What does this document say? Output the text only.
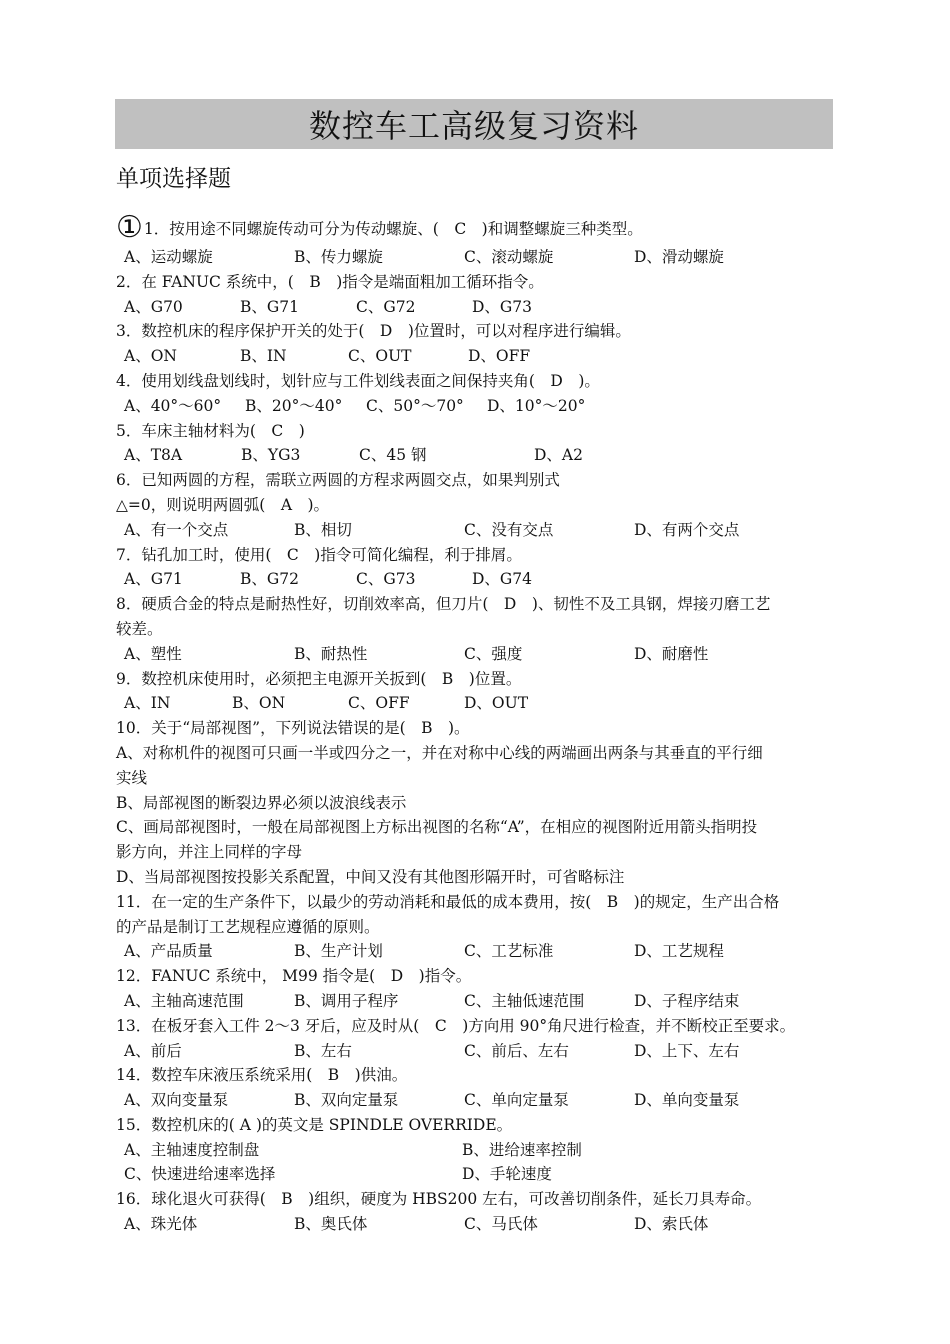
数控车工高级复习资料
单项选择题
①1．按用途不同螺旋传动可分为传动螺旋、(　C　)和调整螺旋三种类型。
A、运动螺旋	B、传力螺旋	C、滚动螺旋	D、滑动螺旋
2．在 FANUC 系统中，(　B　)指令是端面粗加工循环指令。
A、G70	B、G71	C、G72	D、G73
3．数控机床的程序保护开关的处于(　D　)位置时，可以对程序进行编辑。
A、ON	B、IN	C、OUT	D、OFF
4．使用划线盘划线时，划针应与工件划线表面之间保持夹角(　D　)。
A、40°～60° B、20°～40° C、50°～70° D、10°～20°
5．车床主轴材料为(　C　)
A、T8A	B、YG3	C、45 钢	D、A2
6．已知两圆的方程，需联立两圆的方程求两圆交点，如果判别式
△=0，则说明两圆弧(　A　)。
A、有一个交点	B、相切	C、没有交点	D、有两个交点
7．钻孔加工时，使用(　C　)指令可简化编程，利于排屑。
A、G71	B、G72	C、G73	D、G74
8．硬质合金的特点是耐热性好，切削效率高，但刀片(　D　)、韧性不及工具钢，焊接刃磨工艺
较差。
A、塑性	B、耐热性	C、强度	D、耐磨性
9．数控机床使用时，必须把主电源开关扳到(　B　)位置。
A、IN	B、ON	C、OFF	D、OUT
10．关于“局部视图”，下列说法错误的是(　B　)。
A、对称机件的视图可只画一半或四分之一，并在对称中心线的两端画出两条与其垂直的平行细
实线
B、局部视图的断裂边界必须以波浪线表示
C、画局部视图时，一般在局部视图上方标出视图的名称“A”，在相应的视图附近用箭头指明投
影方向，并注上同样的字母
D、当局部视图按投影关系配置，中间又没有其他图形隔开时，可省略标注
11．在一定的生产条件下，以最少的劳动消耗和最低的成本费用，按(　B　)的规定，生产出合格
的产品是制订工艺规程应遵循的原则。
A、产品质量	B、生产计划	C、工艺标准	D、工艺规程
12．FANUC 系统中， M99 指令是(　D　)指令。
A、主轴高速范围	B、调用子程序	C、主轴低速范围	D、子程序结束
13．在板牙套入工件 2～3 牙后，应及时从(　C　)方向用 90°角尺进行检查，并不断校正至要求。
A、前后	B、左右	C、前后、左右	D、上下、左右
14．数控车床液压系统采用(　B　)供油。
A、双向变量泵	B、双向定量泵	C、单向定量泵	D、单向变量泵
15．数控机床的( A )的英文是 SPINDLE OVERRIDE。
A、主轴速度控制盘	B、进给速率控制
C、快速进给速率选择	D、手轮速度
16．球化退火可获得(　B　)组织，硬度为 HBS200 左右，可改善切削条件，延长刀具寿命。
A、珠光体	B、奥氏体	C、马氏体	D、索氏体
